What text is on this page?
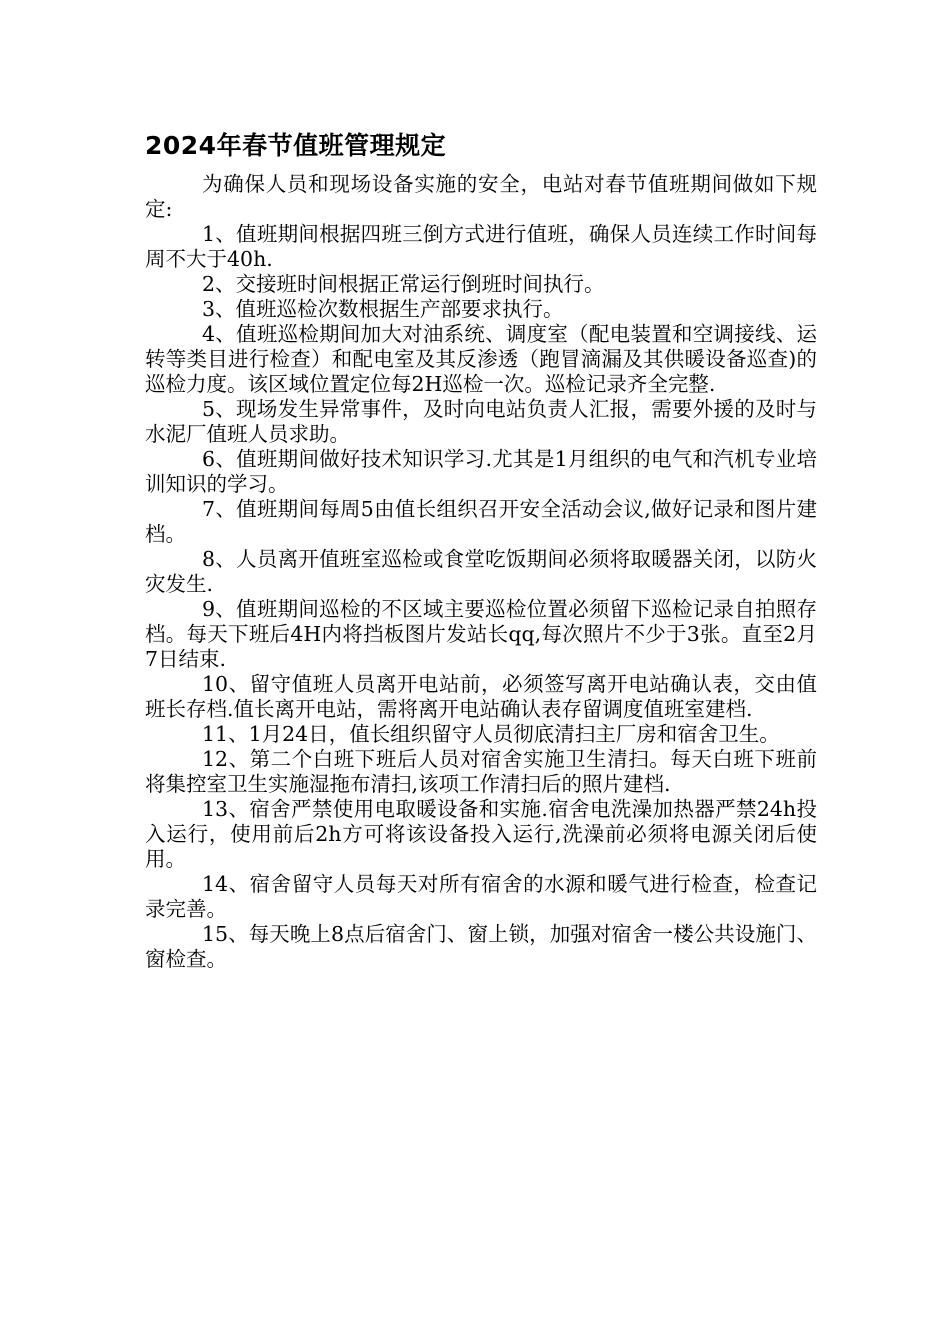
2024年春节值班管理规定

为确保人员和现场设备实施的安全，电站对春节值班期间做如下规定:

1、值班期间根据四班三倒方式进行值班，确保人员连续工作时间每周不大于40h.

2、交接班时间根据正常运行倒班时间执行。

3、值班巡检次数根据生产部要求执行。

4、值班巡检期间加大对油系统、调度室（配电装置和空调接线、运转等类目进行检查）和配电室及其反渗透（跑冒滴漏及其供暖设备巡查)的巡检力度。该区域位置定位每2H巡检一次。巡检记录齐全完整.

5、现场发生异常事件，及时向电站负责人汇报，需要外援的及时与水泥厂值班人员求助。

6、值班期间做好技术知识学习.尤其是1月组织的电气和汽机专业培训知识的学习。

7、值班期间每周5由值长组织召开安全活动会议,做好记录和图片建档。

8、人员离开值班室巡检或食堂吃饭期间必须将取暖器关闭，以防火灾发生.

9、值班期间巡检的不区域主要巡检位置必须留下巡检记录自拍照存档。每天下班后4H内将挡板图片发站长qq,每次照片不少于3张。直至2月7日结束.

10、留守值班人员离开电站前，必须签写离开电站确认表，交由值班长存档.值长离开电站，需将离开电站确认表存留调度值班室建档.

11、1月24日，值长组织留守人员彻底清扫主厂房和宿舍卫生。

12、第二个白班下班后人员对宿舍实施卫生清扫。每天白班下班前将集控室卫生实施湿拖布清扫,该项工作清扫后的照片建档.

13、宿舍严禁使用电取暖设备和实施.宿舍电洗澡加热器严禁24h投入运行，使用前后2h方可将该设备投入运行,洗澡前必须将电源关闭后使用。

14、宿舍留守人员每天对所有宿舍的水源和暖气进行检查，检查记录完善。

15、每天晚上8点后宿舍门、窗上锁，加强对宿舍一楼公共设施门、窗检查。
